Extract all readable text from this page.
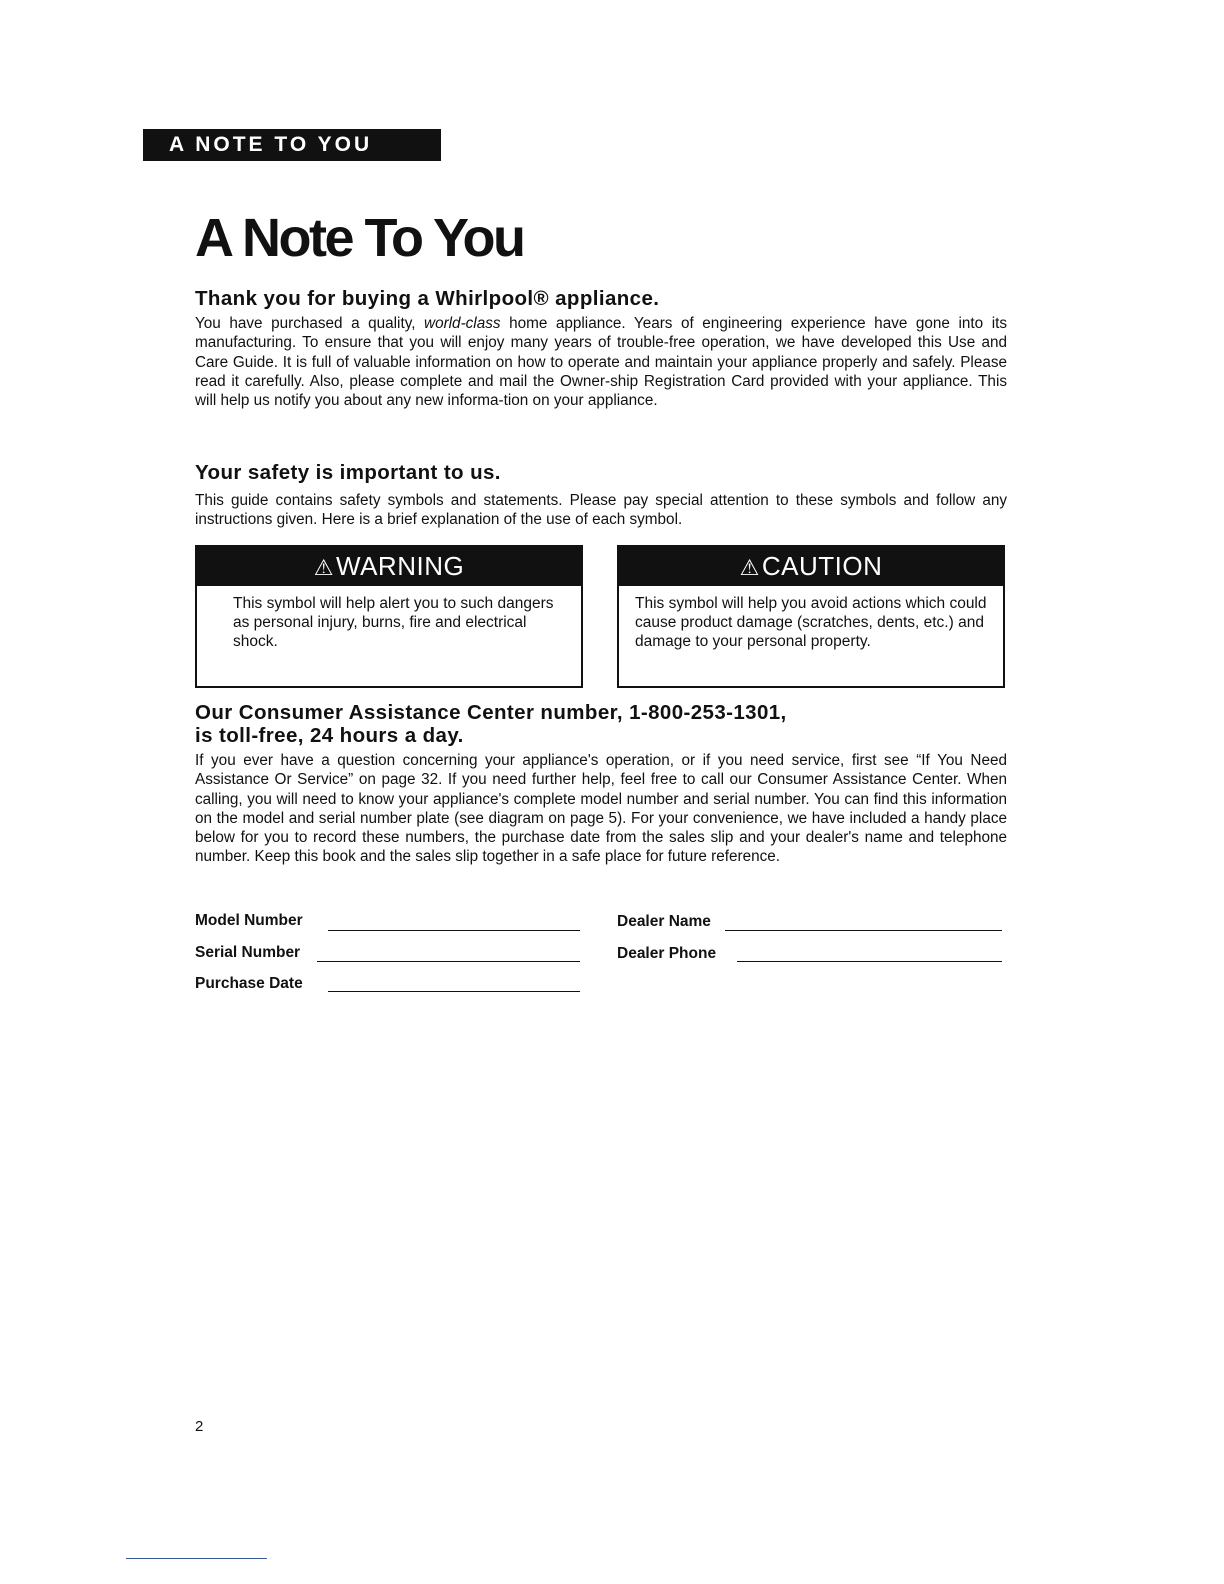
A NOTE TO YOU
A Note To You
Thank you for buying a Whirlpool® appliance.

You have purchased a quality, world-class home appliance. Years of engineering experience have gone into its manufacturing. To ensure that you will enjoy many years of trouble-free operation, we have developed this Use and Care Guide. It is full of valuable information on how to operate and maintain your appliance properly and safely. Please read it carefully. Also, please complete and mail the Owner-ship Registration Card provided with your appliance. This will help us notify you about any new informa-tion on your appliance.

Your safety is important to us.

This guide contains safety symbols and statements. Please pay special attention to these symbols and follow any instructions given. Here is a brief explanation of the use of each symbol.

⚠WARNING

This symbol will help alert you to such dangers as personal injury, burns, fire and electrical shock.

⚠CAUTION

This symbol will help you avoid actions which could cause product damage (scratches, dents, etc.) and damage to your personal property.

Our Consumer Assistance Center number, 1-800-253-1301,
is toll-free, 24 hours a day.

If you ever have a question concerning your appliance's operation, or if you need service, first see “If You Need Assistance Or Service” on page 32. If you need further help, feel free to call our Consumer Assistance Center. When calling, you will need to know your appliance's complete model number and serial number. You can find this information on the model and serial number plate (see diagram on page 5). For your convenience, we have included a handy place below for you to record these numbers, the purchase date from the sales slip and your dealer's name and telephone number. Keep this book and the sales slip together in a safe place for future reference.

Model Number
Serial Number
Purchase Date
Dealer Name
Dealer Phone
2
